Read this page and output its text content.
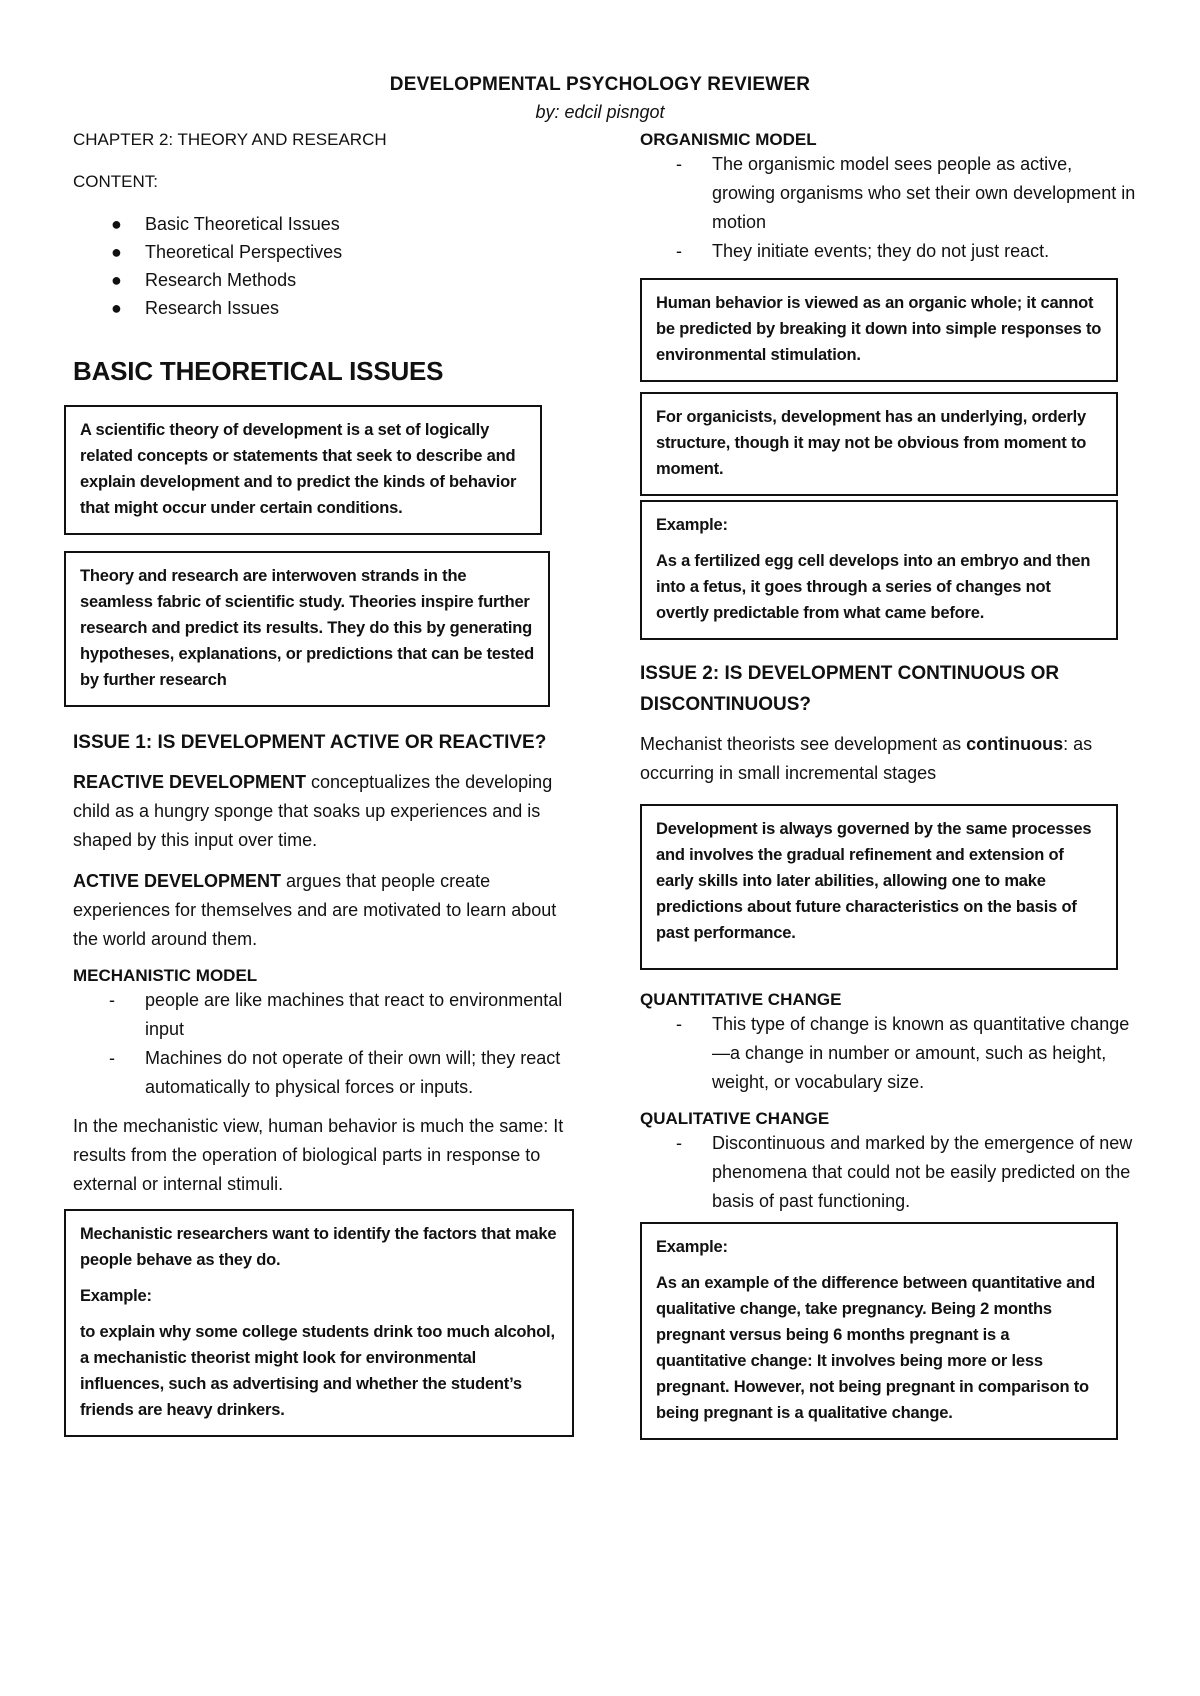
DEVELOPMENTAL PSYCHOLOGY REVIEWER

by: edcil pisngot

CHAPTER 2: THEORY AND RESEARCH

CONTENT:

● Basic Theoretical Issues
● Theoretical Perspectives
● Research Methods
● Research Issues

BASIC THEORETICAL ISSUES

A scientific theory of development is a set of logically related concepts or statements that seek to describe and explain development and to predict the kinds of behavior that might occur under certain conditions.

Theory and research are interwoven strands in the seamless fabric of scientific study. Theories inspire further research and predict its results. They do this by generating hypotheses, explanations, or predictions that can be tested by further research

ISSUE 1: IS DEVELOPMENT ACTIVE OR REACTIVE?

REACTIVE DEVELOPMENT conceptualizes the developing child as a hungry sponge that soaks up experiences and is shaped by this input over time.

ACTIVE DEVELOPMENT argues that people create experiences for themselves and are motivated to learn about the world around them.

MECHANISTIC MODEL

- people are like machines that react to environmental input
- Machines do not operate of their own will; they react automatically to physical forces or inputs.

In the mechanistic view, human behavior is much the same: It results from the operation of biological parts in response to external or internal stimuli.

Mechanistic researchers want to identify the factors that make people behave as they do.

Example:

to explain why some college students drink too much alcohol, a mechanistic theorist might look for environmental influences, such as advertising and whether the student’s friends are heavy drinkers.

ORGANISMIC MODEL

- The organismic model sees people as active, growing organisms who set their own development in motion
- They initiate events; they do not just react.

Human behavior is viewed as an organic whole; it cannot be predicted by breaking it down into simple responses to environmental stimulation.

For organicists, development has an underlying, orderly structure, though it may not be obvious from moment to moment.

Example:

As a fertilized egg cell develops into an embryo and then into a fetus, it goes through a series of changes not overtly predictable from what came before.

ISSUE 2: IS DEVELOPMENT CONTINUOUS OR DISCONTINUOUS?

Mechanist theorists see development as continuous: as occurring in small incremental stages

Development is always governed by the same processes and involves the gradual refinement and extension of early skills into later abilities, allowing one to make predictions about future characteristics on the basis of past performance.

QUANTITATIVE CHANGE

- This type of change is known as quantitative change—a change in number or amount, such as height, weight, or vocabulary size.

QUALITATIVE CHANGE

- Discontinuous and marked by the emergence of new phenomena that could not be easily predicted on the basis of past functioning.

Example:

As an example of the difference between quantitative and qualitative change, take pregnancy. Being 2 months pregnant versus being 6 months pregnant is a quantitative change: It involves being more or less pregnant. However, not being pregnant in comparison to being pregnant is a qualitative change.
